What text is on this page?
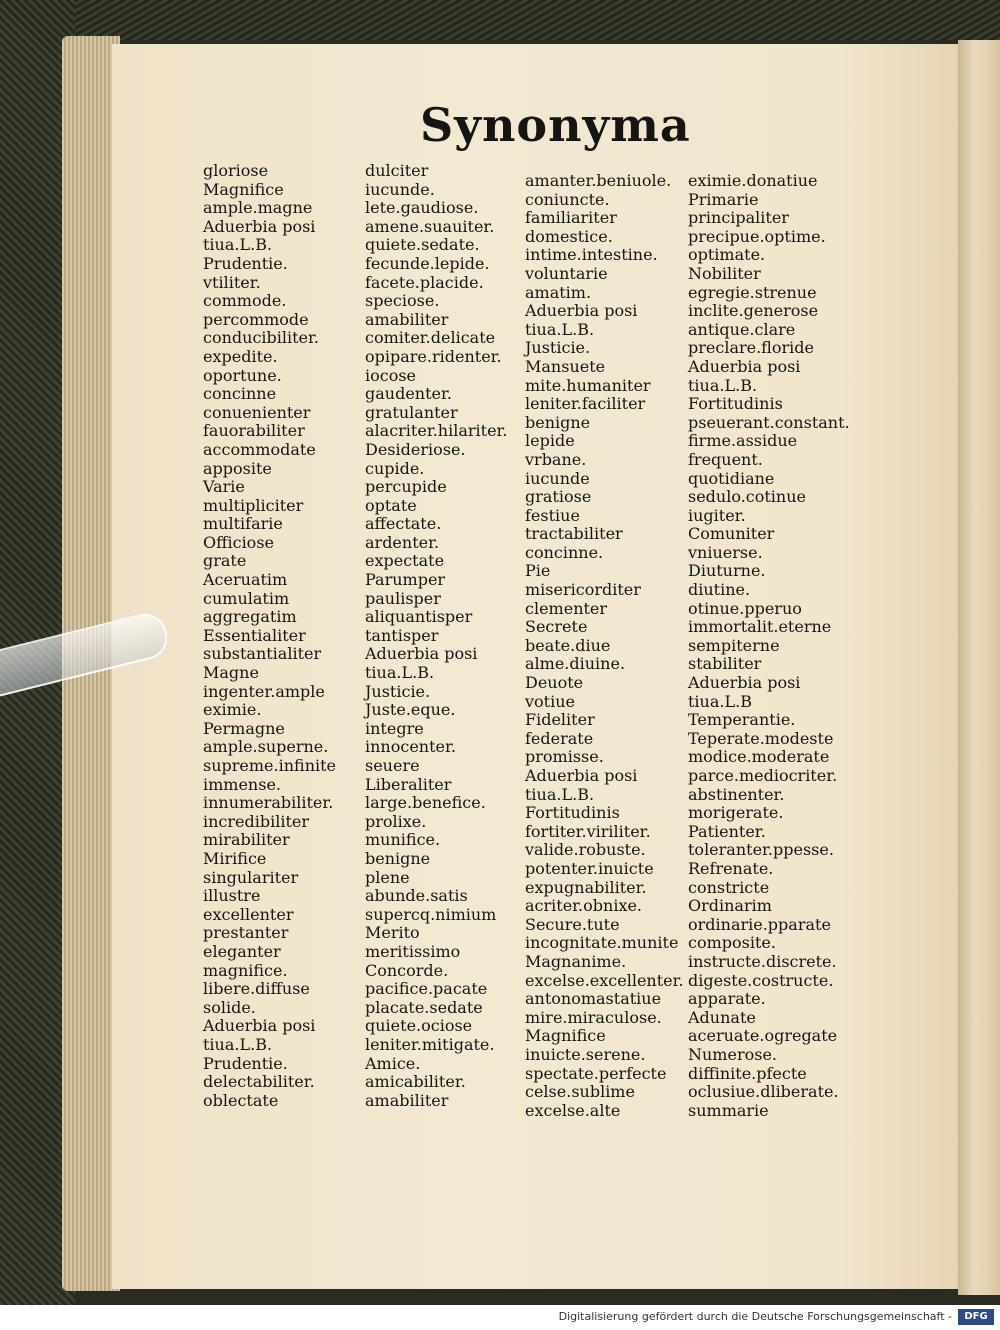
Synonyma
gloriose
Magnifice
ample.magne
Aduerbia posi
tiua.L.B.
Prudentie.
vtiliter.
commode.
percommode
conducibiliter.
expedite.
oportune.
concinne
conuenienter
fauorabiliter
accommodate
apposite
Varie
multipliciter
multifarie
Officiose
grate
Aceruatim
cumulatim
aggregatim
Essentialiter
substantialiter
Magne
ingenter.ample
eximie.
Permagne
ample.superne.
supreme.infinite
immense.
innumerabiliter.
incredibiliter
mirabiliter
Mirifice
singulariter
illustre
excellenter
prestanter
eleganter
magnifice.
libere.diffuse
solide.
Aduerbia posi
tiua.L.B.
Prudentie.
delectabiliter.
oblectate
dulciter
iucunde.
lete.gaudiose.
amene.suauiter.
quiete.sedate.
fecunde.lepide.
facete.placide.
speciose.
amabiliter
comiter.delicate
opipare.ridenter.
iocose
gaudenter.
gratulanter
alacriter.hilariter.
Desideriose.
cupide.
percupide
optate
affectate.
ardenter.
expectate
Parumper
paulisper
aliquantisper
tantisper
Aduerbia posi
tiua.L.B.
Justicie.
Juste.eque.
integre
innocenter.
seuere
Liberaliter
large.benefice.
prolixe.
munifice.
benigne
plene
abunde.satis
supercq.nimium
Merito
meritissimo
Concorde.
pacifice.pacate
placate.sedate
quiete.ociose
leniter.mitigate.
Amice.
amicabiliter.
amabiliter
amanter.beniuole.
coniuncte.
familiariter
domestice.
intime.intestine.
voluntarie
amatim.
Aduerbia posi
tiua.L.B.
Justicie.
Mansuete
mite.humaniter
leniter.faciliter
benigne
lepide
vrbane.
iucunde
gratiose
festiue
tractabiliter
concinne.
Pie
misericorditer
clementer
Secrete
beate.diue
alme.diuine.
Deuote
votiue
Fideliter
federate
promisse.
Aduerbia posi
tiua.L.B.
Fortitudinis
fortiter.viriliter.
valide.robuste.
potenter.inuicte
expugnabiliter.
acriter.obnixe.
Secure.tute
incognitate.munite
Magnanime.
excelse.excellenter.
antonomastatiue
mire.miraculose.
Magnifice
inuicte.serene.
spectate.perfecte
celse.sublime
excelse.alte
eximie.donatiue
Primarie
principaliter
precipue.optime.
optimate.
Nobiliter
egregie.strenue
inclite.generose
antique.clare
preclare.floride
Aduerbia posi
tiua.L.B.
Fortitudinis
pseuerant.constant.
firme.assidue
frequent.
quotidiane
sedulo.cotinue
iugiter.
Comuniter
vniuerse.
Diuturne.
diutine.
otinue.pperuo
immortalit.eterne
sempiterne
stabiliter
Aduerbia posi
tiua.L.B
Temperantie.
Teperate.modeste
modice.moderate
parce.mediocriter.
abstinenter.
morigerate.
Patienter.
toleranter.ppesse.
Refrenate.
constricte
Ordinarim
ordinarie.pparate
composite.
instructe.discrete.
digeste.costructe.
apparate.
Adunate
aceruate.ogregate
Numerose.
diffinite.pfecte
oclusiue.dliberate.
summarie
Digitalisierung gefördert durch die Deutsche Forschungsgemeinschaft -	DFG
